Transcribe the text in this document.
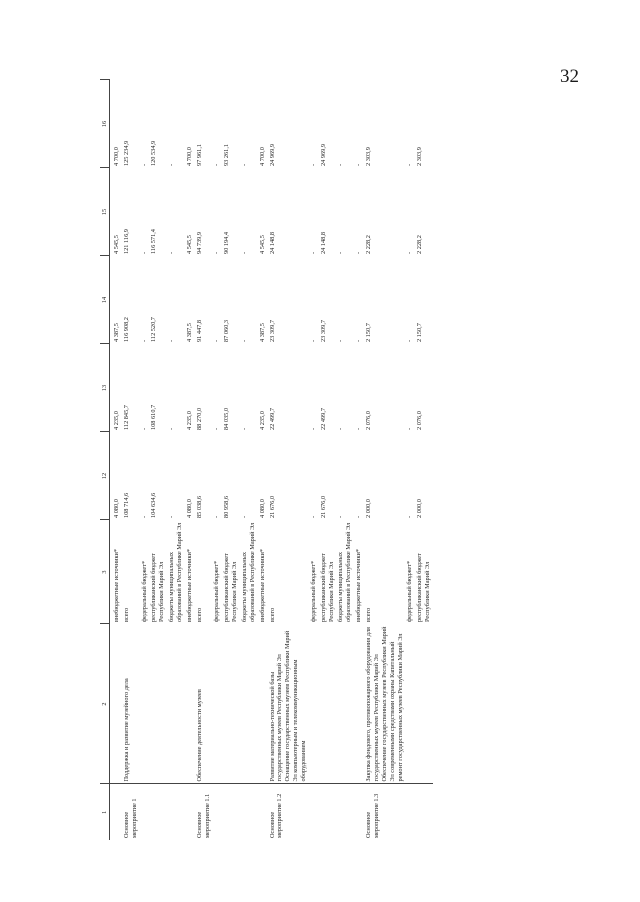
32
1	2	3	12	13	14	15	16

		внебюджетные источники*	4 080,0	4 235,0	4 387,5	4 545,5	4 700,0
Основное мероприятие 1	Поддержка и развитие музейного дела	всего	108 714,6	112 845,7	116 908,2	121 116,9	125 234,9
		федеральный бюджет*	-	-	-	-	-
		республиканский бюджет Республики Марий Эл	104 634,6	108 610,7	112 520,7	116 571,4	120 534,9
		бюджеты муниципальных образований в Республике Марий Эл	-	-	-	-	-
		внебюджетные источники*	4 080,0	4 235,0	4 387,5	4 545,5	4 700,0
Основное мероприятие 1.1	Обеспечение деятельности музеев	всего	85 038,6	88 270,0	91 447,8	94 739,9	97 961,1
		федеральный бюджет*	-	-	-	-	-
		республиканский бюджет Республики Марий Эл	80 958,6	84 035,0	87 060,3	90 194,4	93 261,1
		бюджеты муниципальных образований в Республике Марий Эл	-	-	-	-	-
		внебюджетные источники*	4 080,0	4 235,0	4 387,5	4 545,5	4 700,0
Основное мероприятие 1.2	Развитие материально-технической базы государственных музеев Республики Марий Эл Оснащение государственных музеев Республики Марий Эл компьютерным и телекоммуникационным оборудованием	всего	21 676,0	22 499,7	23 309,7	24 148,8	24 969,9
		федеральный бюджет*	-	-	-	-	-
		республиканский бюджет Республики Марий Эл	21 676,0	22 499,7	23 309,7	24 148,8	24 969,9
		бюджеты муниципальных образований в Республике Марий Эл	-	-	-	-	-
		внебюджетные источники*	-	-	-	-	-
Основное мероприятие 1.3	Закупка фондового, противопожарного оборудования для государственных музеев Республики Марий Эл Обеспечение государственных музеев Республики Марий Эл современными средствами охраны Капитальный ремонт государственных музеев Республики Марий Эл	всего	2 000,0	2 076,0	2 150,7	2 228,2	2 303,9
		федеральный бюджет*	-	-	-	-	-
		республиканский бюджет Республики Марий Эл	2 000,0	2 076,0	2 150,7	2 228,2	2 303,9
